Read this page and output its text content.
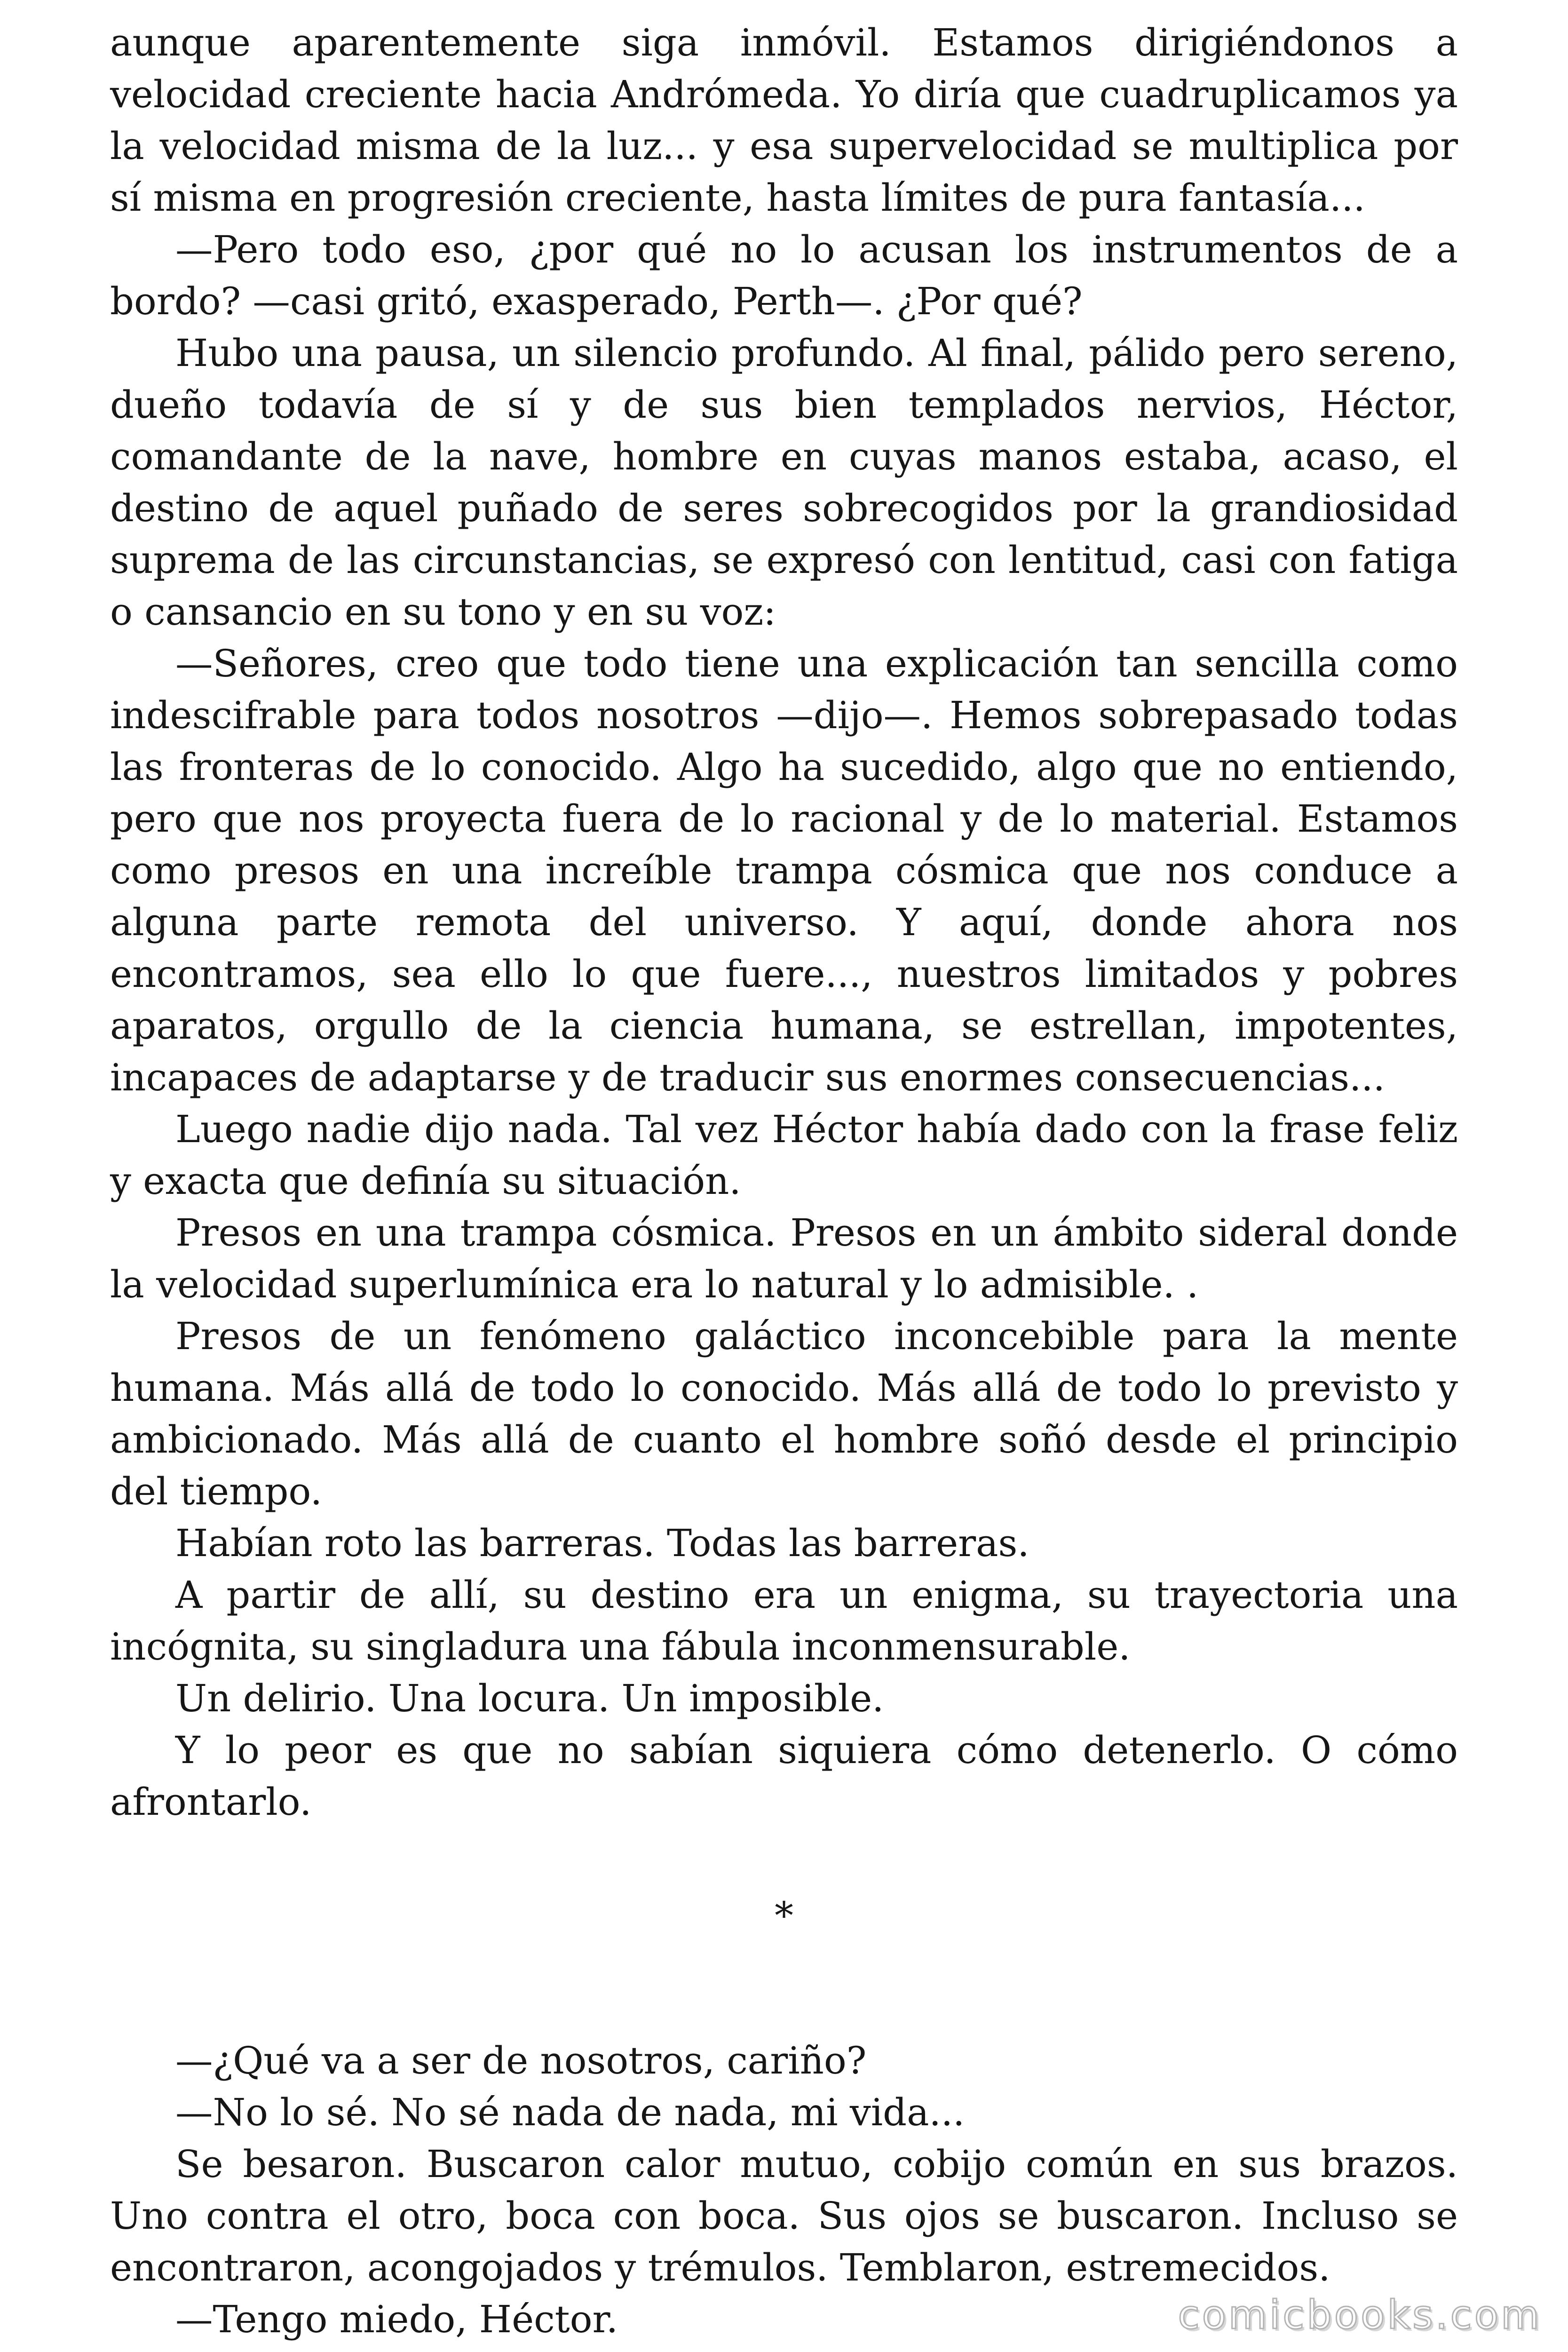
aunque aparentemente siga inmóvil. Estamos dirigiéndonos a velocidad creciente hacia Andrómeda. Yo diría que cuadruplicamos ya la velocidad misma de la luz... y esa supervelocidad se multiplica por sí misma en progresión creciente, hasta límites de pura fantasía...

—Pero todo eso, ¿por qué no lo acusan los instrumentos de a bordo? —casi gritó, exasperado, Perth—. ¿Por qué?

Hubo una pausa, un silencio profundo. Al final, pálido pero sereno, dueño todavía de sí y de sus bien templados nervios, Héctor, comandante de la nave, hombre en cuyas manos estaba, acaso, el destino de aquel puñado de seres sobrecogidos por la grandiosidad suprema de las circunstancias, se expresó con lentitud, casi con fatiga o cansancio en su tono y en su voz:

—Señores, creo que todo tiene una explicación tan sencilla como indescifrable para todos nosotros —dijo—. Hemos sobrepasado todas las fronteras de lo conocido. Algo ha sucedido, algo que no entiendo, pero que nos proyecta fuera de lo racional y de lo material. Estamos como presos en una increíble trampa cósmica que nos conduce a alguna parte remota del universo. Y aquí, donde ahora nos encontramos, sea ello lo que fuere..., nuestros limitados y pobres aparatos, orgullo de la ciencia humana, se estrellan, impotentes, incapaces de adaptarse y de traducir sus enormes consecuencias...

Luego nadie dijo nada. Tal vez Héctor había dado con la frase feliz y exacta que definía su situación.

Presos en una trampa cósmica. Presos en un ámbito sideral donde la velocidad superlumínica era lo natural y lo admisible. .

Presos de un fenómeno galáctico inconcebible para la mente humana. Más allá de todo lo conocido. Más allá de todo lo previsto y ambicionado. Más allá de cuanto el hombre soñó desde el principio del tiempo.

Habían roto las barreras. Todas las barreras.

A partir de allí, su destino era un enigma, su trayectoria una incógnita, su singladura una fábula inconmensurable.

Un delirio. Una locura. Un imposible.

Y lo peor es que no sabían siquiera cómo detenerlo. O cómo afrontarlo.

*

—¿Qué va a ser de nosotros, cariño?

—No lo sé. No sé nada de nada, mi vida...

Se besaron. Buscaron calor mutuo, cobijo común en sus brazos. Uno contra el otro, boca con boca. Sus ojos se buscaron. Incluso se encontraron, acongojados y trémulos. Temblaron, estremecidos.

—Tengo miedo, Héctor.	comicbooks.com
